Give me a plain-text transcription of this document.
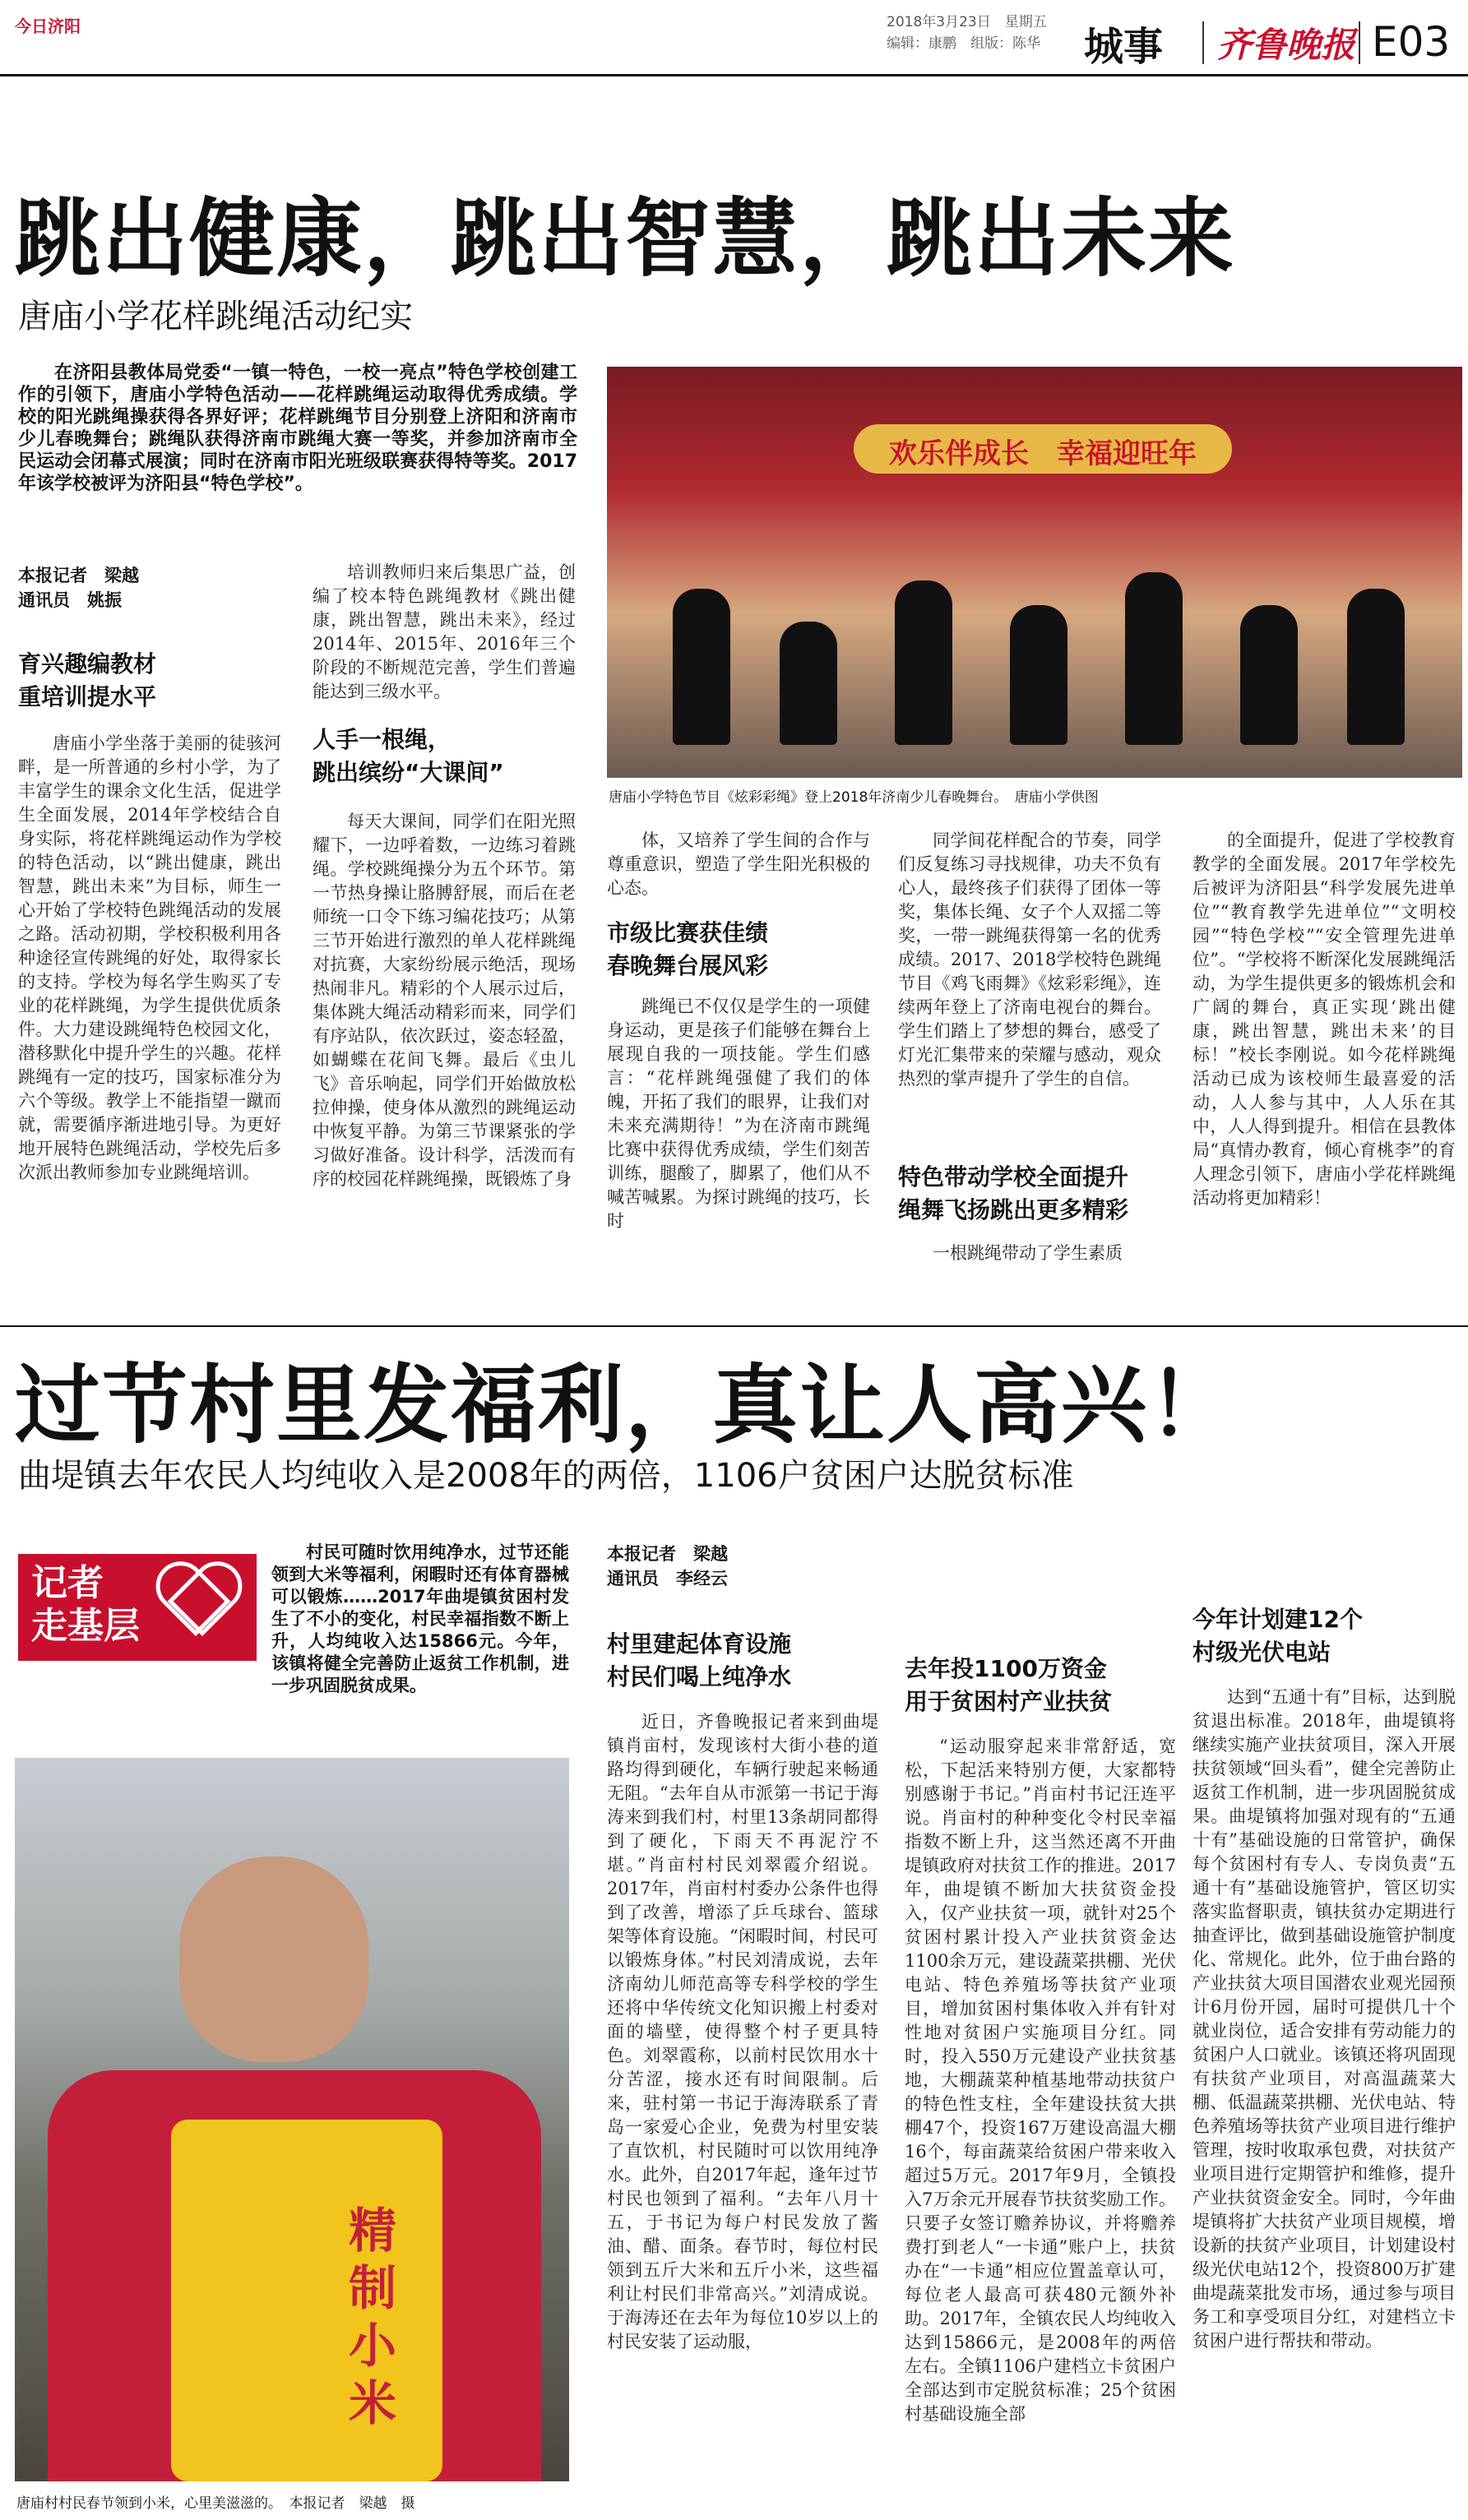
今日济阳	2018年3月23日　星期五
编辑：康鹏　组版：陈华 城事 齐鲁晚报 E03
跳出健康，跳出智慧，跳出未来
唐庙小学花样跳绳活动纪实
在济阳县教体局党委“一镇一特色，一校一亮点”特色学校创建工作的引领下，唐庙小学特色活动——花样跳绳运动取得优秀成绩。学校的阳光跳绳操获得各界好评；花样跳绳节目分别登上济阳和济南市少儿春晚舞台；跳绳队获得济南市跳绳大赛一等奖，并参加济南市全民运动会闭幕式展演；同时在济南市阳光班级联赛获得特等奖。2017年该学校被评为济阳县“特色学校”。
欢乐伴成长　幸福迎旺年
唐庙小学特色节目《炫彩彩绳》登上2018年济南少儿春晚舞台。　唐庙小学供图
本报记者　梁越
通讯员　姚振
育兴趣编教材
重培训提水平
唐庙小学坐落于美丽的徒骇河畔，是一所普通的乡村小学，为了丰富学生的课余文化生活，促进学生全面发展，2014年学校结合自身实际，将花样跳绳运动作为学校的特色活动，以“跳出健康，跳出智慧，跳出未来”为目标，师生一心开始了学校特色跳绳活动的发展之路。活动初期，学校积极利用各种途径宣传跳绳的好处，取得家长的支持。学校为每名学生购买了专业的花样跳绳，为学生提供优质条件。大力建设跳绳特色校园文化，潜移默化中提升学生的兴趣。花样跳绳有一定的技巧，国家标准分为六个等级。教学上不能指望一蹴而就，需要循序渐进地引导。为更好地开展特色跳绳活动，学校先后多次派出教师参加专业跳绳培训。
培训教师归来后集思广益，创编了校本特色跳绳教材《跳出健康，跳出智慧，跳出未来》，经过2014年、2015年、2016年三个阶段的不断规范完善，学生们普遍能达到三级水平。
人手一根绳，
跳出缤纷“大课间”
每天大课间，同学们在阳光照耀下，一边呼着数，一边练习着跳绳。学校跳绳操分为五个环节。第一节热身操让胳膊舒展，而后在老师统一口令下练习编花技巧；从第三节开始进行激烈的单人花样跳绳对抗赛，大家纷纷展示绝活，现场热闹非凡。精彩的个人展示过后，集体跳大绳活动精彩而来，同学们有序站队，依次跃过，姿态轻盈，如蝴蝶在花间飞舞。最后《虫儿飞》音乐响起，同学们开始做放松拉伸操，使身体从激烈的跳绳运动中恢复平静。为第三节课紧张的学习做好准备。设计科学，活泼而有序的校园花样跳绳操，既锻炼了身
体，又培养了学生间的合作与尊重意识，塑造了学生阳光积极的心态。
市级比赛获佳绩
春晚舞台展风彩
跳绳已不仅仅是学生的一项健身运动，更是孩子们能够在舞台上展现自我的一项技能。学生们感言：“花样跳绳强健了我们的体魄，开拓了我们的眼界，让我们对未来充满期待！”为在济南市跳绳比赛中获得优秀成绩，学生们刻苦训练，腿酸了，脚累了，他们从不喊苦喊累。为探讨跳绳的技巧，长时
同学间花样配合的节奏，同学们反复练习寻找规律，功夫不负有心人，最终孩子们获得了团体一等奖，集体长绳、女子个人双摇二等奖，一带一跳绳获得第一名的优秀成绩。2017、2018学校特色跳绳节目《鸡飞雨舞》《炫彩彩绳》，连续两年登上了济南电视台的舞台。学生们踏上了梦想的舞台，感受了灯光汇集带来的荣耀与感动，观众热烈的掌声提升了学生的自信。
特色带动学校全面提升
绳舞飞扬跳出更多精彩
一根跳绳带动了学生素质
的全面提升，促进了学校教育教学的全面发展。2017年学校先后被评为济阳县“科学发展先进单位”“教育教学先进单位”“文明校园”“特色学校”“安全管理先进单位”。“学校将不断深化发展跳绳活动，为学生提供更多的锻炼机会和广阔的舞台，真正实现‘跳出健康，跳出智慧，跳出未来’的目标！”校长李刚说。如今花样跳绳活动已成为该校师生最喜爱的活动，人人参与其中，人人乐在其中，人人得到提升。相信在县教体局“真情办教育，倾心育桃李”的育人理念引领下，唐庙小学花样跳绳活动将更加精彩！
过节村里发福利，真让人高兴！
曲堤镇去年农民人均纯收入是2008年的两倍，1106户贫困户达脱贫标准
记者
走基层
村民可随时饮用纯净水，过节还能领到大米等福利，闲暇时还有体育器械可以锻炼……2017年曲堤镇贫困村发生了不小的变化，村民幸福指数不断上升，人均纯收入达15866元。今年，该镇将健全完善防止返贫工作机制，进一步巩固脱贫成果。
精制小米
唐庙村村民春节领到小米，心里美滋滋的。　本报记者　梁越　摄
本报记者　梁越
通讯员　李经云
村里建起体育设施
村民们喝上纯净水
近日，齐鲁晚报记者来到曲堤镇肖亩村，发现该村大街小巷的道路均得到硬化，车辆行驶起来畅通无阻。“去年自从市派第一书记于海涛来到我们村，村里13条胡同都得到了硬化，下雨天不再泥泞不堪。”肖亩村村民刘翠霞介绍说。2017年，肖亩村村委办公条件也得到了改善，增添了乒乓球台、篮球架等体育设施。“闲暇时间，村民可以锻炼身体。”村民刘清成说，去年济南幼儿师范高等专科学校的学生还将中华传统文化知识搬上村委对面的墙壁，使得整个村子更具特色。刘翠霞称，以前村民饮用水十分苦涩，接水还有时间限制。后来，驻村第一书记于海涛联系了青岛一家爱心企业，免费为村里安装了直饮机，村民随时可以饮用纯净水。此外，自2017年起，逢年过节村民也领到了福利。“去年八月十五，于书记为每户村民发放了酱油、醋、面条。春节时，每位村民领到五斤大米和五斤小米，这些福利让村民们非常高兴。”刘清成说。于海涛还在去年为每位10岁以上的村民安装了运动服，
去年投1100万资金
用于贫困村产业扶贫
“运动服穿起来非常舒适，宽松，下起活来特别方便，大家都特别感谢于书记。”肖亩村书记汪连平说。肖亩村的种种变化令村民幸福指数不断上升，这当然还离不开曲堤镇政府对扶贫工作的推进。2017年，曲堤镇不断加大扶贫资金投入，仅产业扶贫一项，就针对25个贫困村累计投入产业扶贫资金达1100余万元，建设蔬菜拱棚、光伏电站、特色养殖场等扶贫产业项目，增加贫困村集体收入并有针对性地对贫困户实施项目分红。同时，投入550万元建设产业扶贫基地，大棚蔬菜种植基地带动扶贫户的特色性支柱，全年建设扶贫大拱棚47个，投资167万建设高温大棚16个，每亩蔬菜给贫困户带来收入超过5万元。2017年9月，全镇投入7万余元开展春节扶贫奖励工作。只要子女签订赡养协议，并将赡养费打到老人“一卡通”账户上，扶贫办在“一卡通”相应位置盖章认可，每位老人最高可获480元额外补助。2017年，全镇农民人均纯收入达到15866元，是2008年的两倍左右。全镇1106户建档立卡贫困户全部达到市定脱贫标准；25个贫困村基础设施全部
今年计划建12个
村级光伏电站
达到“五通十有”目标，达到脱贫退出标准。2018年，曲堤镇将继续实施产业扶贫项目，深入开展扶贫领域“回头看”，健全完善防止返贫工作机制，进一步巩固脱贫成果。曲堤镇将加强对现有的“五通十有”基础设施的日常管护，确保每个贫困村有专人、专岗负责“五通十有”基础设施管护，管区切实落实监督职责，镇扶贫办定期进行抽查评比，做到基础设施管护制度化、常规化。此外，位于曲台路的产业扶贫大项目国潜农业观光园预计6月份开园，届时可提供几十个就业岗位，适合安排有劳动能力的贫困户人口就业。该镇还将巩固现有扶贫产业项目，对高温蔬菜大棚、低温蔬菜拱棚、光伏电站、特色养殖场等扶贫产业项目进行维护管理，按时收取承包费，对扶贫产业项目进行定期管护和维修，提升产业扶贫资金安全。同时，今年曲堤镇将扩大扶贫产业项目规模，增设新的扶贫产业项目，计划建设村级光伏电站12个，投资800万扩建曲堤蔬菜批发市场，通过参与项目务工和享受项目分红，对建档立卡贫困户进行帮扶和带动。
